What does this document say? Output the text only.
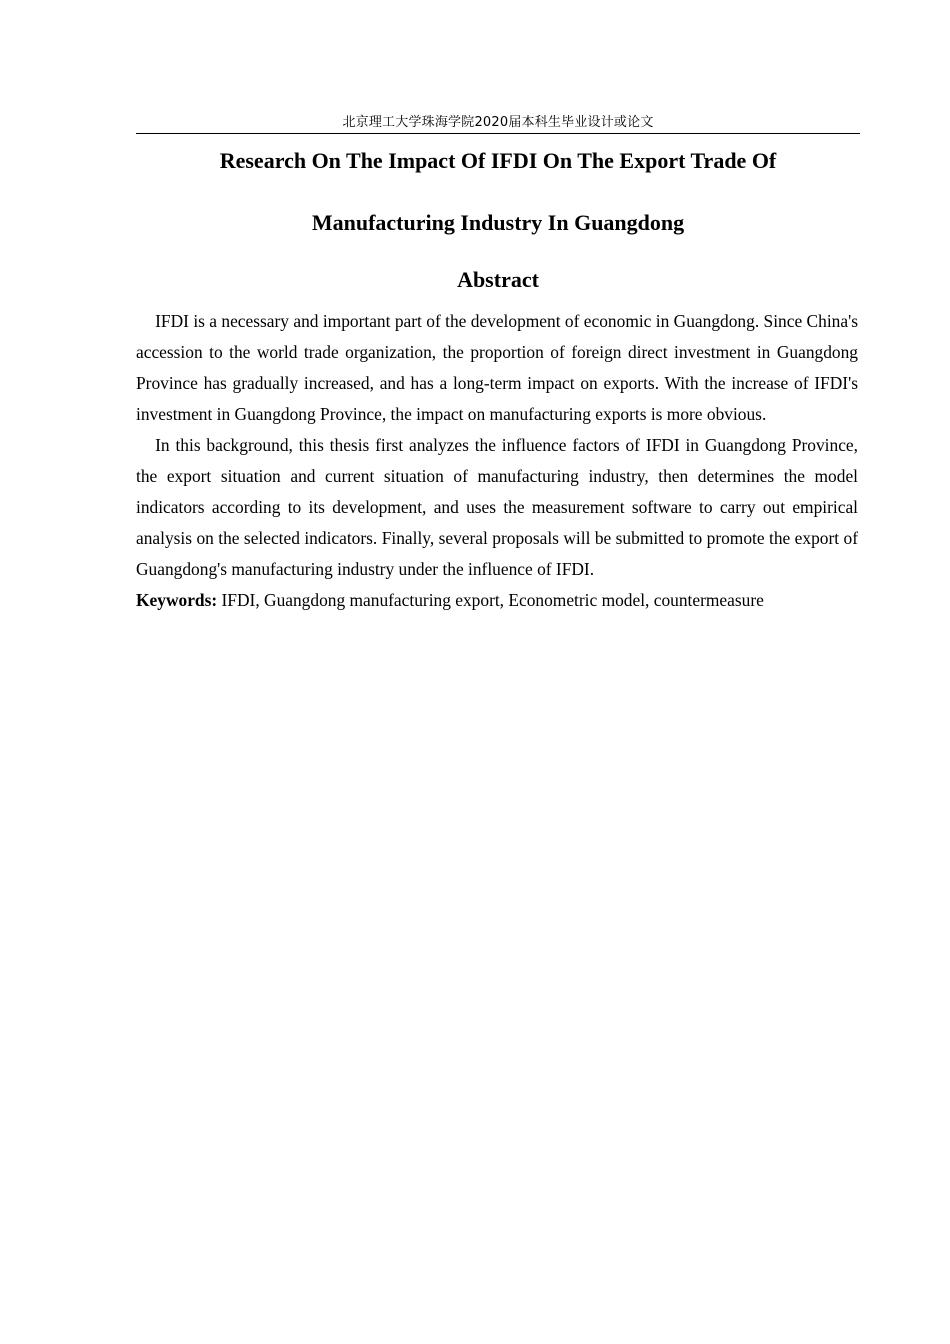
北京理工大学珠海学院2020届本科生毕业设计或论文
Research On The Impact Of IFDI On The Export Trade Of
Manufacturing Industry In Guangdong
Abstract

IFDI is a necessary and important part of the development of economic in Guangdong. Since China's accession to the world trade organization, the proportion of foreign direct investment in Guangdong Province has gradually increased, and has a long-term impact on exports. With the increase of IFDI's investment in Guangdong Province, the impact on manufacturing exports is more obvious.

In this background, this thesis first analyzes the influence factors of IFDI in Guangdong Province, the export situation and current situation of manufacturing industry, then determines the model indicators according to its development, and uses the measurement software to carry out empirical analysis on the selected indicators. Finally, several proposals will be submitted to promote the export of Guangdong's manufacturing industry under the influence of IFDI.

Keywords: IFDI, Guangdong manufacturing export, Econometric model, countermeasure
